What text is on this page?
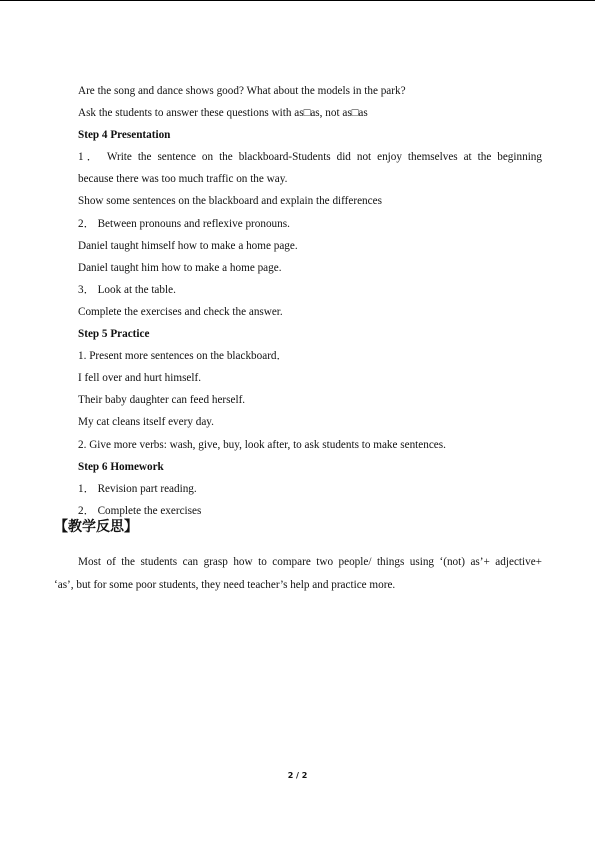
Are the song and dance shows good? What about the models in the park?
Ask the students to answer these questions with as□as, not as□as
Step 4 Presentation
1． Write the sentence on the blackboard-Students did not enjoy themselves at the beginning
because there was too much traffic on the way.
Show some sentences on the blackboard and explain the differences
2． Between pronouns and reflexive pronouns.
Daniel taught himself how to make a home page.
Daniel taught him how to make a home page.
3． Look at the table.
Complete the exercises and check the answer.
Step 5 Practice
1. Present more sentences on the blackboard．
I fell over and hurt himself.
Their baby daughter can feed herself.
My cat cleans itself every day.
2. Give more verbs: wash, give, buy, look after, to ask students to make sentences.
Step 6 Homework
1． Revision part reading.
2． Complete the exercises
【教学反思】
Most of the students can grasp how to compare two people/ things using ‘(not) as’+ adjective+
‘as’, but for some poor students, they need teacher’s help and practice more.
2 / 2
